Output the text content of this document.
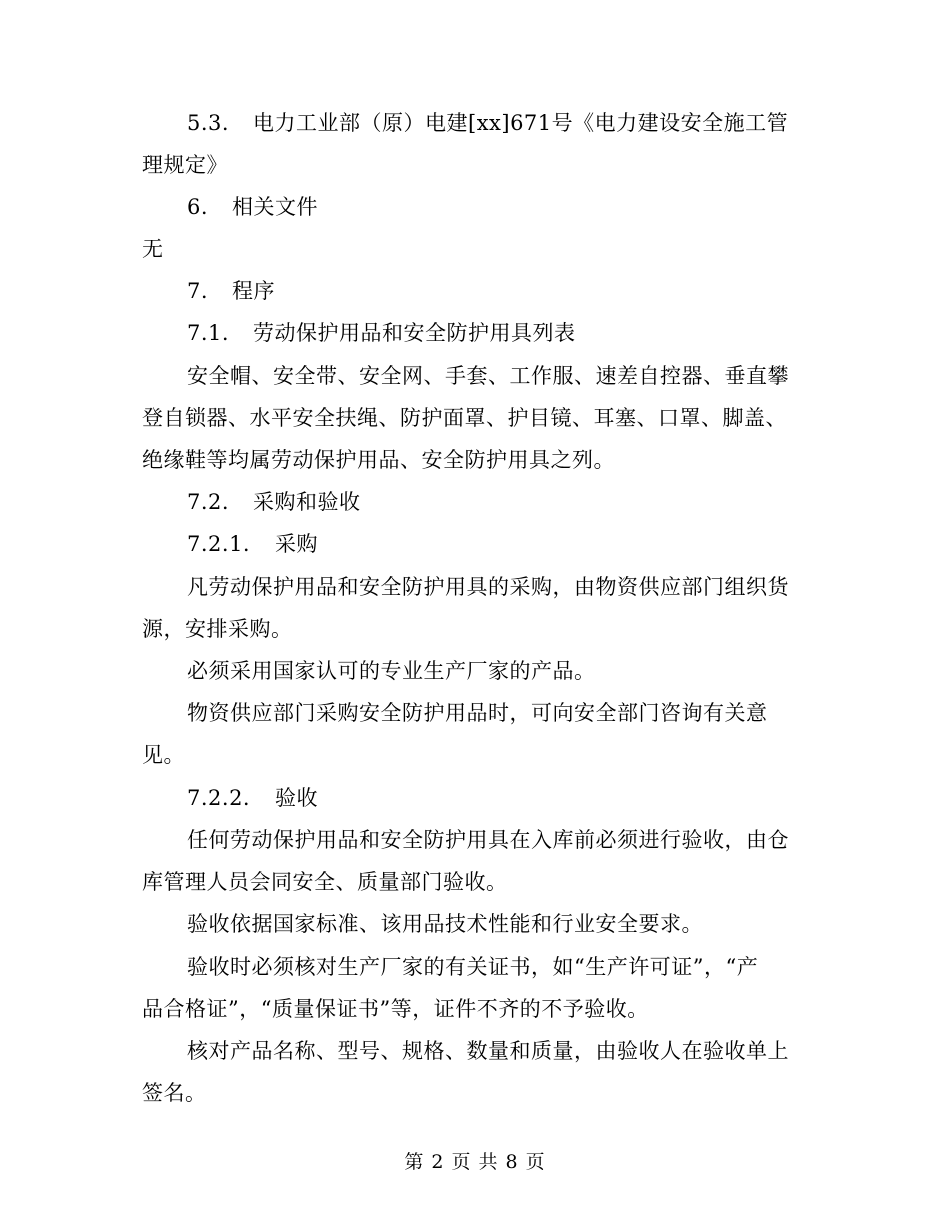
5.3. 电力工业部（原）电建[xx]671号《电力建设安全施工管
理规定》
6. 相关文件
无
7. 程序
7.1. 劳动保护用品和安全防护用具列表
安全帽、安全带、安全网、手套、工作服、速差自控器、垂直攀
登自锁器、水平安全扶绳、防护面罩、护目镜、耳塞、口罩、脚盖、
绝缘鞋等均属劳动保护用品、安全防护用具之列。
7.2. 采购和验收
7.2.1. 采购
凡劳动保护用品和安全防护用具的采购，由物资供应部门组织货
源，安排采购。
必须采用国家认可的专业生产厂家的产品。
物资供应部门采购安全防护用品时，可向安全部门咨询有关意
见。
7.2.2. 验收
任何劳动保护用品和安全防护用具在入库前必须进行验收，由仓
库管理人员会同安全、质量部门验收。
验收依据国家标准、该用品技术性能和行业安全要求。
验收时必须核对生产厂家的有关证书，如“生产许可证”，“产
品合格证”，“质量保证书”等，证件不齐的不予验收。
核对产品名称、型号、规格、数量和质量，由验收人在验收单上
签名。
第 2 页 共 8 页
